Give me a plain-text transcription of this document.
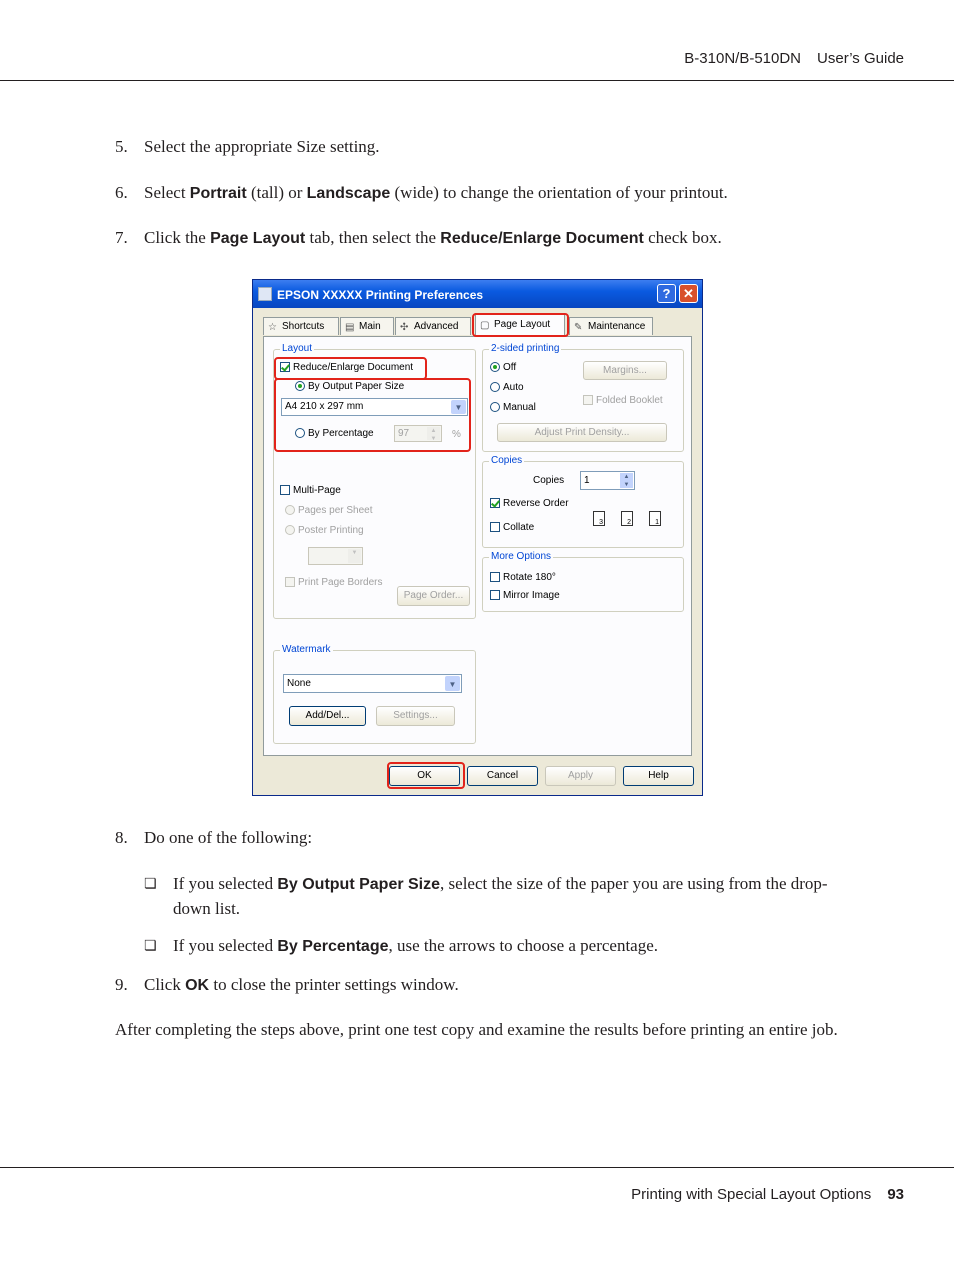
B-310N/B-510DN User’s Guide
5. Select the appropriate Size setting.
6. Select Portrait (tall) or Landscape (wide) to change the orientation of your printout.
7. Click the Page Layout tab, then select the Reduce/Enlarge Document check box.
EPSON XXXXX Printing Preferences	? ✕
☆ Shortcuts	▤ Main	✣ Advanced	▢ Page Layout	✎ Maintenance
Layout
Reduce/Enlarge Document
By Output Paper Size
A4 210 x 297 mm	▼
By Percentage	97	▲
▼	%
Multi-Page
Pages per Sheet
Poster Printing
▼
Print Page Borders
Page Order...
2-sided printing
Off
Auto
Manual
Margins...
Folded Booklet
Adjust Print Density...
Copies
Copies	1	▲
▼
Reverse Order
Collate	3	2	1
More Options
Rotate 180°
Mirror Image
Watermark
None	▼
Add/Del...	Settings...
OK	Cancel	Apply	Help
8. Do one of the following:
❏ If you selected By Output Paper Size, select the size of the paper you are using from the drop-down list.
❏ If you selected By Percentage, use the arrows to choose a percentage.
9. Click OK to close the printer settings window.
After completing the steps above, print one test copy and examine the results before printing an entire job.
Printing with Special Layout Options 93
